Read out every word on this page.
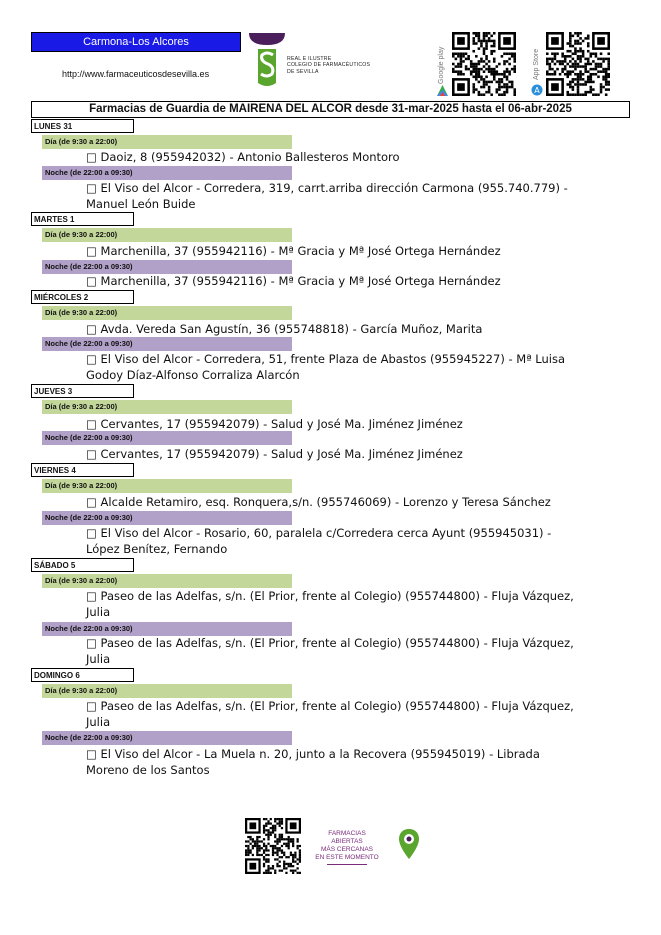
Carmona-Los Alcores
http://www.farmaceuticosdesevilla.es
REAL E ILUSTRE
COLEGIO DE FARMACÉUTICOS
DE SEVILLA	Google play	App Store
A
Farmacias de Guardia de MAIRENA DEL ALCOR desde 31-mar-2025 hasta el 06-abr-2025
LUNES 31
Día (de 9:30 a 22:00)
□ Daoiz, 8 (955942032) - Antonio Ballesteros Montoro
Noche (de 22:00 a 09:30)
□ El Viso del Alcor - Corredera, 319, carrt.arriba dirección Carmona (955.740.779) - Manuel León Buide
MARTES 1
Día (de 9:30 a 22:00)
□ Marchenilla, 37 (955942116) - Mª Gracia y Mª José Ortega Hernández
Noche (de 22:00 a 09:30)
□ Marchenilla, 37 (955942116) - Mª Gracia y Mª José Ortega Hernández
MIÉRCOLES 2
Día (de 9:30 a 22:00)
□ Avda. Vereda San Agustín, 36 (955748818) - García Muñoz, Marita
Noche (de 22:00 a 09:30)
□ El Viso del Alcor - Corredera, 51, frente Plaza de Abastos (955945227) - Mª Luisa Godoy Díaz-Alfonso Corraliza Alarcón
JUEVES 3
Día (de 9:30 a 22:00)
□ Cervantes, 17 (955942079) - Salud y José Ma. Jiménez Jiménez
Noche (de 22:00 a 09:30)
□ Cervantes, 17 (955942079) - Salud y José Ma. Jiménez Jiménez
VIERNES 4
Día (de 9:30 a 22:00)
□ Alcalde Retamiro, esq. Ronquera,s/n. (955746069) - Lorenzo y Teresa Sánchez
Noche (de 22:00 a 09:30)
□ El Viso del Alcor - Rosario, 60, paralela c/Corredera cerca Ayunt (955945031) - López Benítez, Fernando
SÁBADO 5
Día (de 9:30 a 22:00)
□ Paseo de las Adelfas, s/n. (El Prior, frente al Colegio) (955744800) - Fluja Vázquez, Julia
Noche (de 22:00 a 09:30)
□ Paseo de las Adelfas, s/n. (El Prior, frente al Colegio) (955744800) - Fluja Vázquez, Julia
DOMINGO 6
Día (de 9:30 a 22:00)
□ Paseo de las Adelfas, s/n. (El Prior, frente al Colegio) (955744800) - Fluja Vázquez, Julia
Noche (de 22:00 a 09:30)
□ El Viso del Alcor - La Muela n. 20, junto a la Recovera (955945019) - Librada Moreno de los Santos
FARMACIAS ABIERTAS
MÁS CERCANAS
EN ESTE MOMENTO
